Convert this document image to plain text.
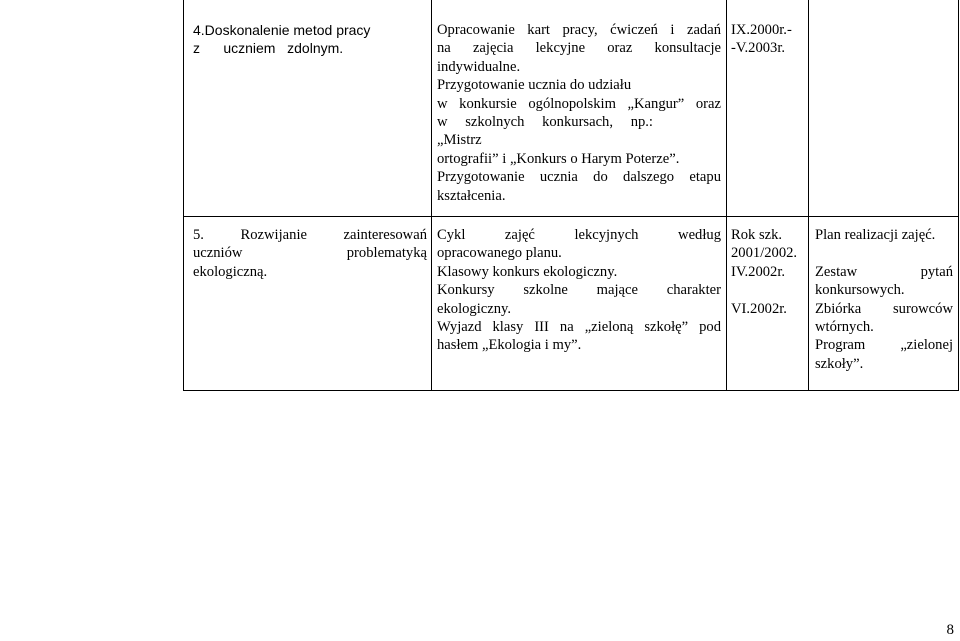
4.Doskonalenie metod pracy

z      uczniem   zdolnym.

Opracowanie kart pracy, ćwiczeń i zadań

na zajęcia lekcyjne oraz konsultacje

indywidualne.

Przygotowanie ucznia do udziału

w konkursie ogólnopolskim „Kangur” oraz

w szkolnych konkursach, np.: „Mistrz

ortografii” i „Konkurs o Harym Poterze”.

Przygotowanie ucznia do dalszego etapu

kształcenia.

IX.2000r.-

-V.2003r.

5. Rozwijanie zainteresowań

uczniów problematyką

ekologiczną.

Cykl zajęć lekcyjnych według

opracowanego planu.

Klasowy konkurs ekologiczny.

Konkursy szkolne mające charakter

ekologiczny.

Wyjazd klasy III na „zieloną szkołę” pod

hasłem „Ekologia i my”.

Rok szk.

2001/2002.

IV.2002r.

VI.2002r.

Plan realizacji zajęć.

Zestaw pytań

konkursowych.

Zbiórka surowców

wtórnych.

Program „zielonej

szkoły”.

8
